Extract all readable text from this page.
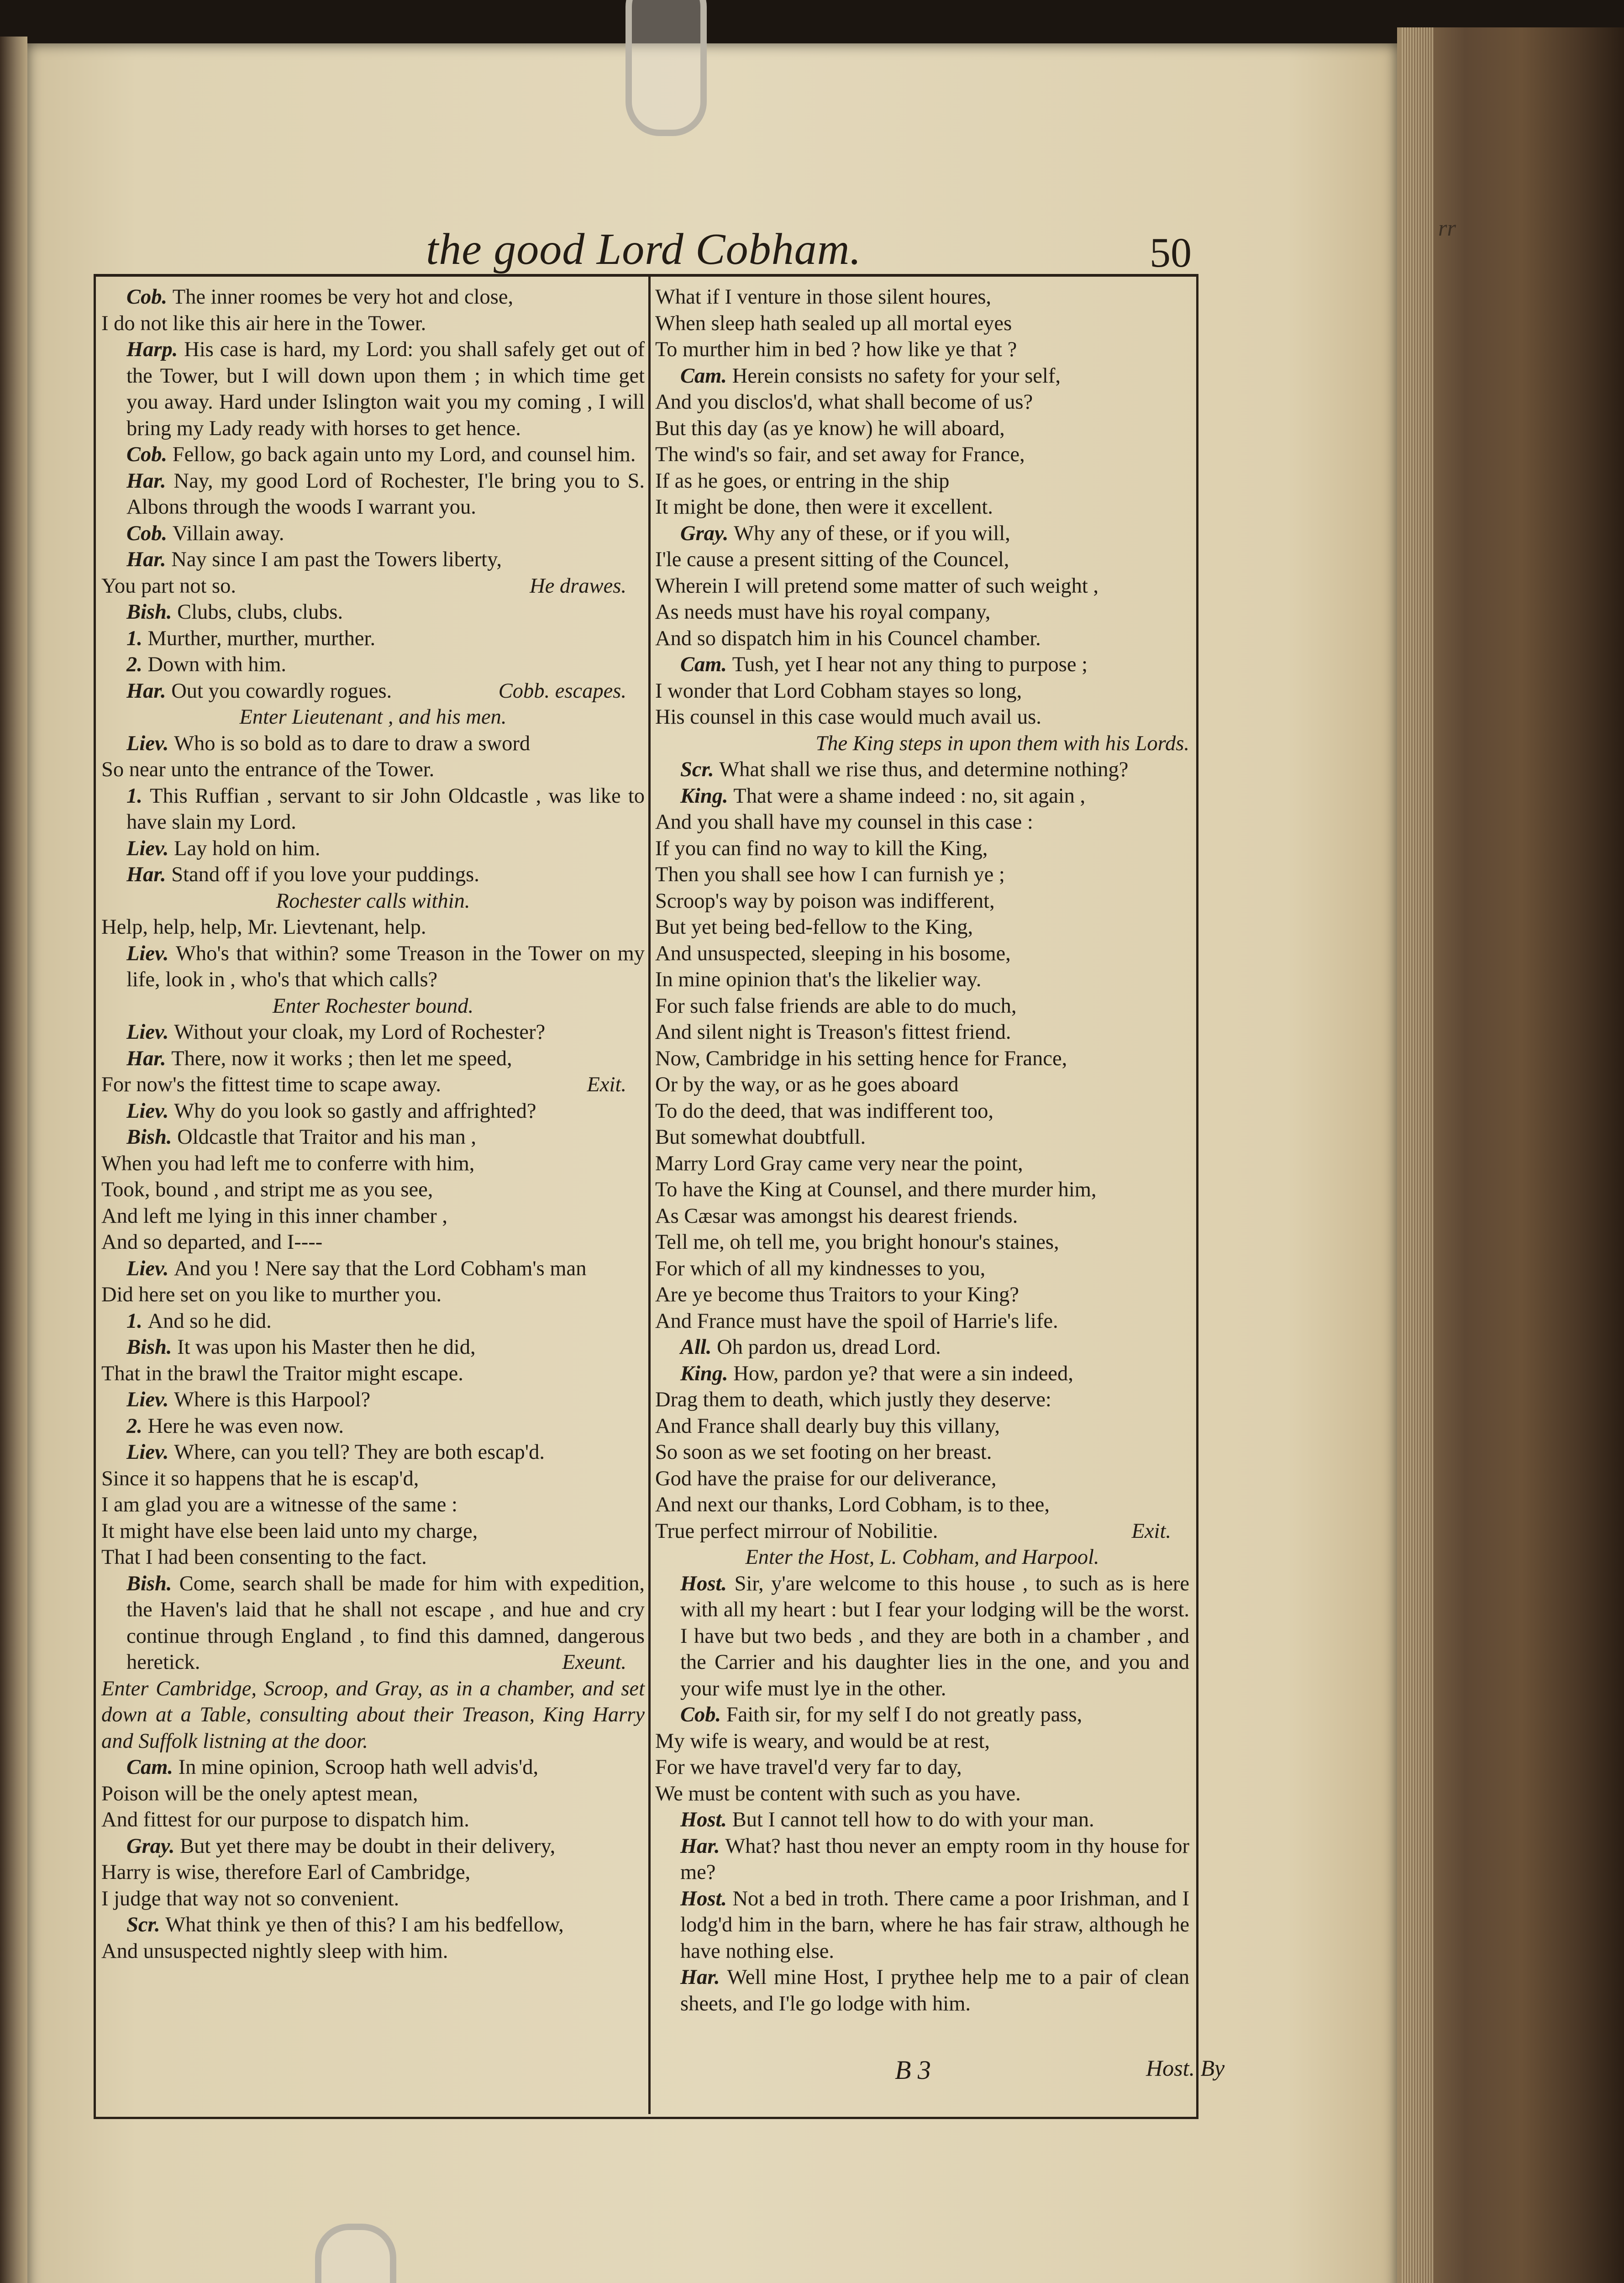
the good Lord Cobham.	50
rr

Cob. The inner roomes be very hot and close,

I do not like this air here in the Tower.

Harp. His case is hard, my Lord: you shall safely get out of the Tower, but I will down upon them ; in which time get you away. Hard under Islington wait you my coming , I will bring my Lady ready with horses to get hence.

Cob. Fellow, go back again unto my Lord, and counsel him.

Har. Nay, my good Lord of Rochester, I'le bring you to S. Albons through the woods I warrant you.

Cob. Villain away.

Har. Nay since I am past the Towers liberty,

You part not so.	He drawes.

Bish. Clubs, clubs, clubs.

1. Murther, murther, murther.

2. Down with him.

Har. Out you cowardly rogues.	Cobb. escapes.

Enter Lieutenant , and his men.

Liev. Who is so bold as to dare to draw a sword

So near unto the entrance of the Tower.

1. This Ruffian , servant to sir John Oldcastle , was like to have slain my Lord.

Liev. Lay hold on him.

Har. Stand off if you love your puddings.

Rochester calls within.

Help, help, help, Mr. Lievtenant, help.

Liev. Who's that within? some Treason in the Tower on my life, look in , who's that which calls?

Enter Rochester bound.

Liev. Without your cloak, my Lord of Rochester?

Har. There, now it works ; then let me speed,

For now's the fittest time to scape away.	Exit.

Liev. Why do you look so gastly and affrighted?

Bish. Oldcastle that Traitor and his man ,

When you had left me to conferre with him,

Took, bound , and stript me as you see,

And left me lying in this inner chamber ,

And so departed, and I----

Liev. And you ! Nere say that the Lord Cobham's man

Did here set on you like to murther you.

1. And so he did.

Bish. It was upon his Master then he did,

That in the brawl the Traitor might escape.

Liev. Where is this Harpool?

2. Here he was even now.

Liev. Where, can you tell? They are both escap'd.

Since it so happens that he is escap'd,

I am glad you are a witnesse of the same :

It might have else been laid unto my charge,

That I had been consenting to the fact.

Bish. Come, search shall be made for him with expedition, the Haven's laid that he shall not escape , and hue and cry continue through England , to find this damned, dangerous heretick.	Exeunt.

Enter Cambridge, Scroop, and Gray, as in a chamber, and set down at a Table, consulting about their Treason, King Harry and Suffolk listning at the door.

Cam. In mine opinion, Scroop hath well advis'd,

Poison will be the onely aptest mean,

And fittest for our purpose to dispatch him.

Gray. But yet there may be doubt in their delivery,

Harry is wise, therefore Earl of Cambridge,

I judge that way not so convenient.

Scr. What think ye then of this? I am his bedfellow,

And unsuspected nightly sleep with him.

What if I venture in those silent houres,

When sleep hath sealed up all mortal eyes

To murther him in bed ? how like ye that ?

Cam. Herein consists no safety for your self,

And you disclos'd, what shall become of us?

But this day (as ye know) he will aboard,

The wind's so fair, and set away for France,

If as he goes, or entring in the ship

It might be done, then were it excellent.

Gray. Why any of these, or if you will,

I'le cause a present sitting of the Councel,

Wherein I will pretend some matter of such weight ,

As needs must have his royal company,

And so dispatch him in his Councel chamber.

Cam. Tush, yet I hear not any thing to purpose ;

I wonder that Lord Cobham stayes so long,

His counsel in this case would much avail us.

The King steps in upon them with his Lords.

Scr. What shall we rise thus, and determine nothing?

King. That were a shame indeed : no, sit again ,

And you shall have my counsel in this case :

If you can find no way to kill the King,

Then you shall see how I can furnish ye ;

Scroop's way by poison was indifferent,

But yet being bed-fellow to the King,

And unsuspected, sleeping in his bosome,

In mine opinion that's the likelier way.

For such false friends are able to do much,

And silent night is Treason's fittest friend.

Now, Cambridge in his setting hence for France,

Or by the way, or as he goes aboard

To do the deed, that was indifferent too,

But somewhat doubtfull.

Marry Lord Gray came very near the point,

To have the King at Counsel, and there murder him,

As Cæsar was amongst his dearest friends.

Tell me, oh tell me, you bright honour's staines,

For which of all my kindnesses to you,

Are ye become thus Traitors to your King?

And France must have the spoil of Harrie's life.

All. Oh pardon us, dread Lord.

King. How, pardon ye? that were a sin indeed,

Drag them to death, which justly they deserve:

And France shall dearly buy this villany,

So soon as we set footing on her breast.

God have the praise for our deliverance,

And next our thanks, Lord Cobham, is to thee,

True perfect mirrour of Nobilitie.	Exit.

Enter the Host, L. Cobham, and Harpool.

Host. Sir, y'are welcome to this house , to such as is here with all my heart : but I fear your lodging will be the worst. I have but two beds , and they are both in a chamber , and the Carrier and his daughter lies in the one, and you and your wife must lye in the other.

Cob. Faith sir, for my self I do not greatly pass,

My wife is weary, and would be at rest,

For we have travel'd very far to day,

We must be content with such as you have.

Host. But I cannot tell how to do with your man.

Har. What? hast thou never an empty room in thy house for me?

Host. Not a bed in troth. There came a poor Irishman, and I lodg'd him in the barn, where he has fair straw, although he have nothing else.

Har. Well mine Host, I prythee help me to a pair of clean sheets, and I'le go lodge with him.

B 3	Host. By
